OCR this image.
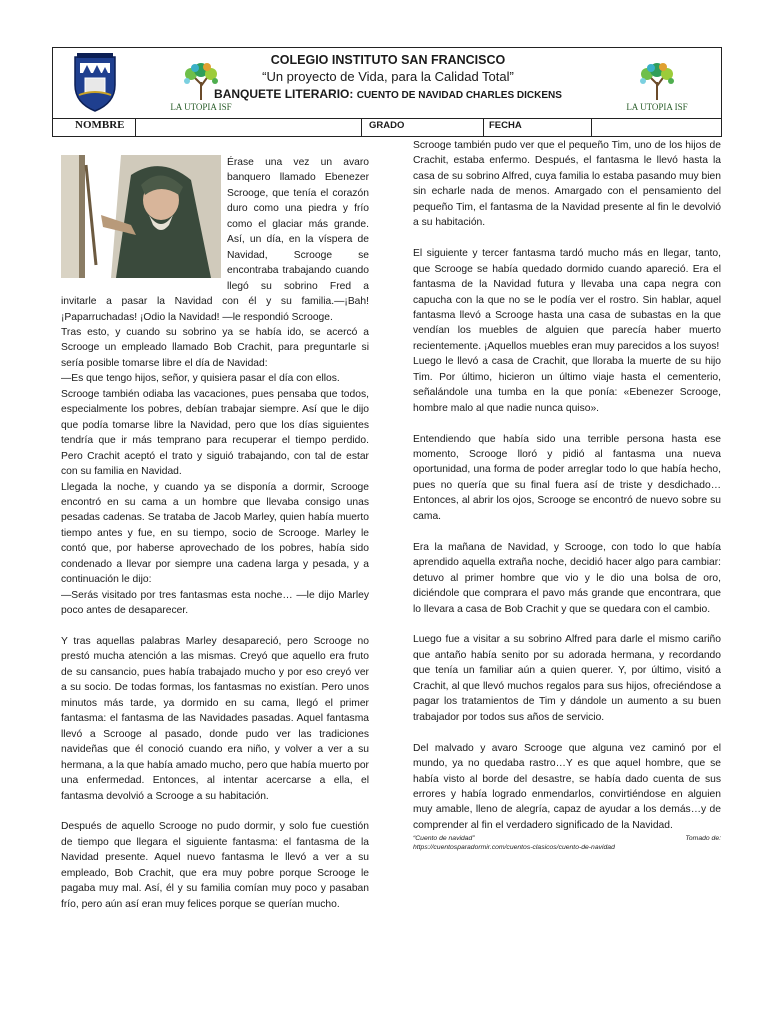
LA UTOPIA ISF	LA UTOPIA ISF
COLEGIO INSTITUTO SAN FRANCISCO
“Un proyecto de Vida, para la Calidad Total”
BANQUETE LITERARIO: CUENTO DE NAVIDAD CHARLES DICKENS
NOMBRE	GRADO	FECHA

Érase una vez un avaro banquero llamado Ebenezer Scrooge, que tenía el corazón duro como una piedra y frío como el glaciar más grande. Así, un día, en la víspera de Navidad, Scrooge se encontraba trabajando cuando llegó su sobrino Fred a invitarle a pasar la Navidad con él y su familia.—¡Bah! ¡Paparruchadas! ¡Odio la Navidad! —le respondió Scrooge.

Tras esto, y cuando su sobrino ya se había ido, se acercó a Scrooge un empleado llamado Bob Crachit, para preguntarle si sería posible tomarse libre el día de Navidad:

—Es que tengo hijos, señor, y quisiera pasar el día con ellos.

Scrooge también odiaba las vacaciones, pues pensaba que todos, especialmente los pobres, debían trabajar siempre. Así que le dijo que podía tomarse libre la Navidad, pero que los días siguientes tendría que ir más temprano para recuperar el tiempo perdido. Pero Crachit aceptó el trato y siguió trabajando, con tal de estar con su familia en Navidad.

Llegada la noche, y cuando ya se disponía a dormir, Scrooge encontró en su cama a un hombre que llevaba consigo unas pesadas cadenas. Se trataba de Jacob Marley, quien había muerto tiempo antes y fue, en su tiempo, socio de Scrooge. Marley le contó que, por haberse aprovechado de los pobres, había sido condenado a llevar por siempre una cadena larga y pesada, y a continuación le dijo:

—Serás visitado por tres fantasmas esta noche… —le dijo Marley poco antes de desaparecer.

Y tras aquellas palabras Marley desapareció, pero Scrooge no prestó mucha atención a las mismas. Creyó que aquello era fruto de su cansancio, pues había trabajado mucho y por eso creyó ver a su socio. De todas formas, los fantasmas no existían. Pero unos minutos más tarde, ya dormido en su cama, llegó el primer fantasma: el fantasma de las Navidades pasadas. Aquel fantasma llevó a Scrooge al pasado, donde pudo ver las tradiciones navideñas que él conoció cuando era niño, y volver a ver a su hermana, a la que había amado mucho, pero que había muerto por una enfermedad. Entonces, al intentar acercarse a ella, el fantasma devolvió a Scrooge a su habitación.

Después de aquello Scrooge no pudo dormir, y solo fue cuestión de tiempo que llegara el siguiente fantasma: el fantasma de la Navidad presente. Aquel nuevo fantasma le llevó a ver a su empleado, Bob Crachit, que era muy pobre porque Scrooge le pagaba muy mal. Así, él y su familia comían muy poco y pasaban frío, pero aún así eran muy felices porque se querían mucho.

Scrooge también pudo ver que el pequeño Tim, uno de los hijos de Crachit, estaba enfermo. Después, el fantasma le llevó hasta la casa de su sobrino Alfred, cuya familia lo estaba pasando muy bien sin echarle nada de menos. Amargado con el pensamiento del pequeño Tim, el fantasma de la Navidad presente al fin le devolvió a su habitación.

El siguiente y tercer fantasma tardó mucho más en llegar, tanto, que Scrooge se había quedado dormido cuando apareció. Era el fantasma de la Navidad futura y llevaba una capa negra con capucha con la que no se le podía ver el rostro. Sin hablar, aquel fantasma llevó a Scrooge hasta una casa de subastas en la que vendían los muebles de alguien que parecía haber muerto recientemente. ¡Aquellos muebles eran muy parecidos a los suyos!

Luego le llevó a casa de Crachit, que lloraba la muerte de su hijo Tim. Por último, hicieron un último viaje hasta el cementerio, señalándole una tumba en la que ponía: «Ebenezer Scrooge, hombre malo al que nadie nunca quiso».

Entendiendo que había sido una terrible persona hasta ese momento, Scrooge lloró y pidió al fantasma una nueva oportunidad, una forma de poder arreglar todo lo que había hecho, pues no quería que su final fuera así de triste y desdichado…Entonces, al abrir los ojos, Scrooge se encontró de nuevo sobre su cama.

Era la mañana de Navidad, y Scrooge, con todo lo que había aprendido aquella extraña noche, decidió hacer algo para cambiar: detuvo al primer hombre que vio y le dio una bolsa de oro, diciéndole que comprara el pavo más grande que encontrara, que lo llevara a casa de Bob Crachit y que se quedara con el cambio.

Luego fue a visitar a su sobrino Alfred para darle el mismo cariño que antaño había senito por su adorada hermana, y recordando que tenía un familiar aún a quien querer. Y, por último, visitó a Crachit, al que llevó muchos regalos para sus hijos, ofreciéndose a pagar los tratamientos de Tim y dándole un aumento a su buen trabajador por todos sus años de servicio.

Del malvado y avaro Scrooge que alguna vez caminó por el mundo, ya no quedaba rastro…Y es que aquel hombre, que se había visto al borde del desastre, se había dado cuenta de sus errores y había logrado enmendarlos, convirtiéndose en alguien muy amable, lleno de alegría, capaz de ayudar a los demás…y de comprender al fin el verdadero significado de la Navidad.

“Cuento de navidad”	Tomado de:
https://cuentosparadormir.com/cuentos-clasicos/cuento-de-navidad
